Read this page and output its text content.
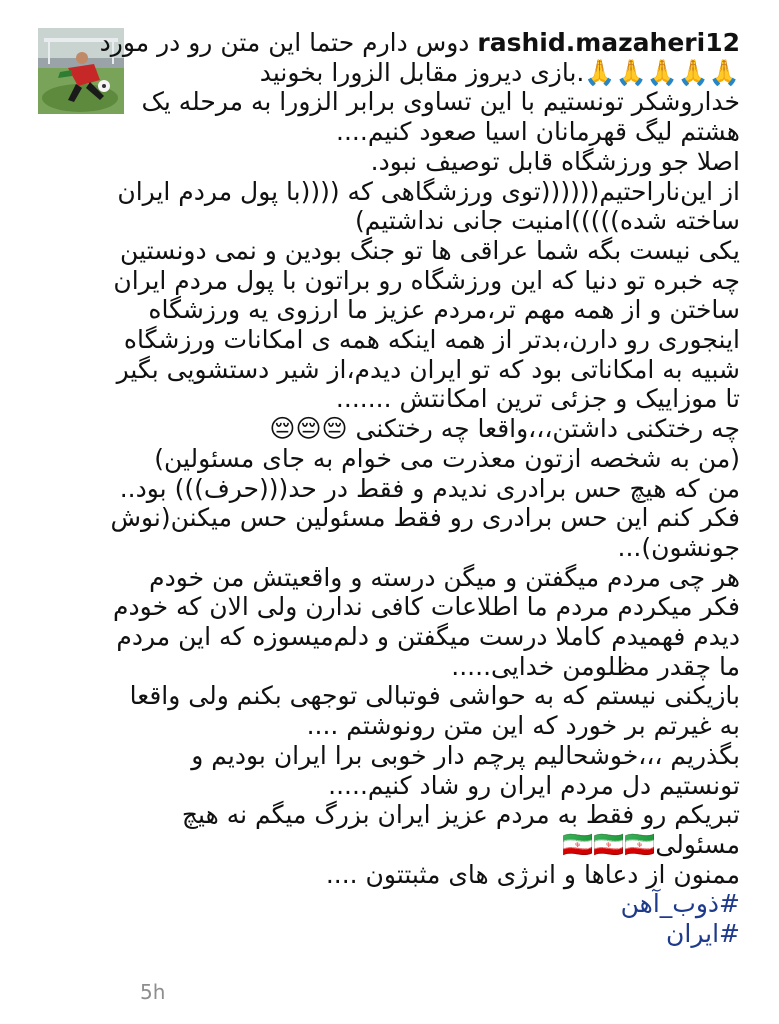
rashid.mazaheri12 دوس دارم حتما این متن رو در مورد
🙏🙏🙏🙏🙏.بازی دیروز مقابل الزورا بخونید
خداروشکر تونستیم با این تساوی برابر الزورا به مرحله یک
هشتم لیگ قهرمانان اسیا صعود کنیم....
اصلا جو ورزشگاه قابل توصیف نبود.
از این‌ناراحتیم((((((توی ورزشگاهی که ((((با پول مردم ایران
ساخته شده)))))امنیت جانی نداشتیم)
یکی نیست بگه شما عراقی ها تو جنگ بودین و نمی دونستین
چه خبره تو دنیا که این ورزشگاه رو براتون با پول مردم ایران
ساختن و از همه مهم تر،مردم عزیز ما ارزوی یه ورزشگاه
اینجوری رو دارن،بدتر از همه اینکه همه ی امکانات ورزشگاه
شبیه به امکاناتی بود که تو ایران دیدم،از شیر دستشویی بگیر
تا موزاییک و جزئی ترین امکانتش .......
چه رختکنی داشتن،،،واقعا چه رختکنی 😔😔😔
(من به شخصه ازتون معذرت می خوام به جای مسئولین)
من که هیچ حس برادری ندیدم و فقط در حد(((حرف))) بود..
فکر کنم این حس برادری رو فقط مسئولین حس میکنن(نوش
جونشون)...
هر چی مردم میگفتن و میگن درسته و واقعیتش من خودم
فکر میکردم مردم ما اطلاعات کافی ندارن ولی الان که خودم
دیدم فهمیدم کاملا درست میگفتن و دلم‌میسوزه که این مردم
ما چقدر مظلومن خدایی.....
بازیکنی نیستم که به حواشی فوتبالی توجهی بکنم ولی واقعا
به غیرتم بر خورد که این متن رونوشتم ....
بگذریم ،،،خوشحالیم پرچم دار خوبی برا ایران بودیم و
تونستیم دل مردم ایران رو شاد کنیم.....
تبریکم رو فقط به مردم عزیز ایران بزرگ میگم نه هیچ
مسئولی🇮🇷🇮🇷🇮🇷
ممنون از دعاها و انرژی های مثبتتون ....
#ذوب_آهن
#ایران
5h
